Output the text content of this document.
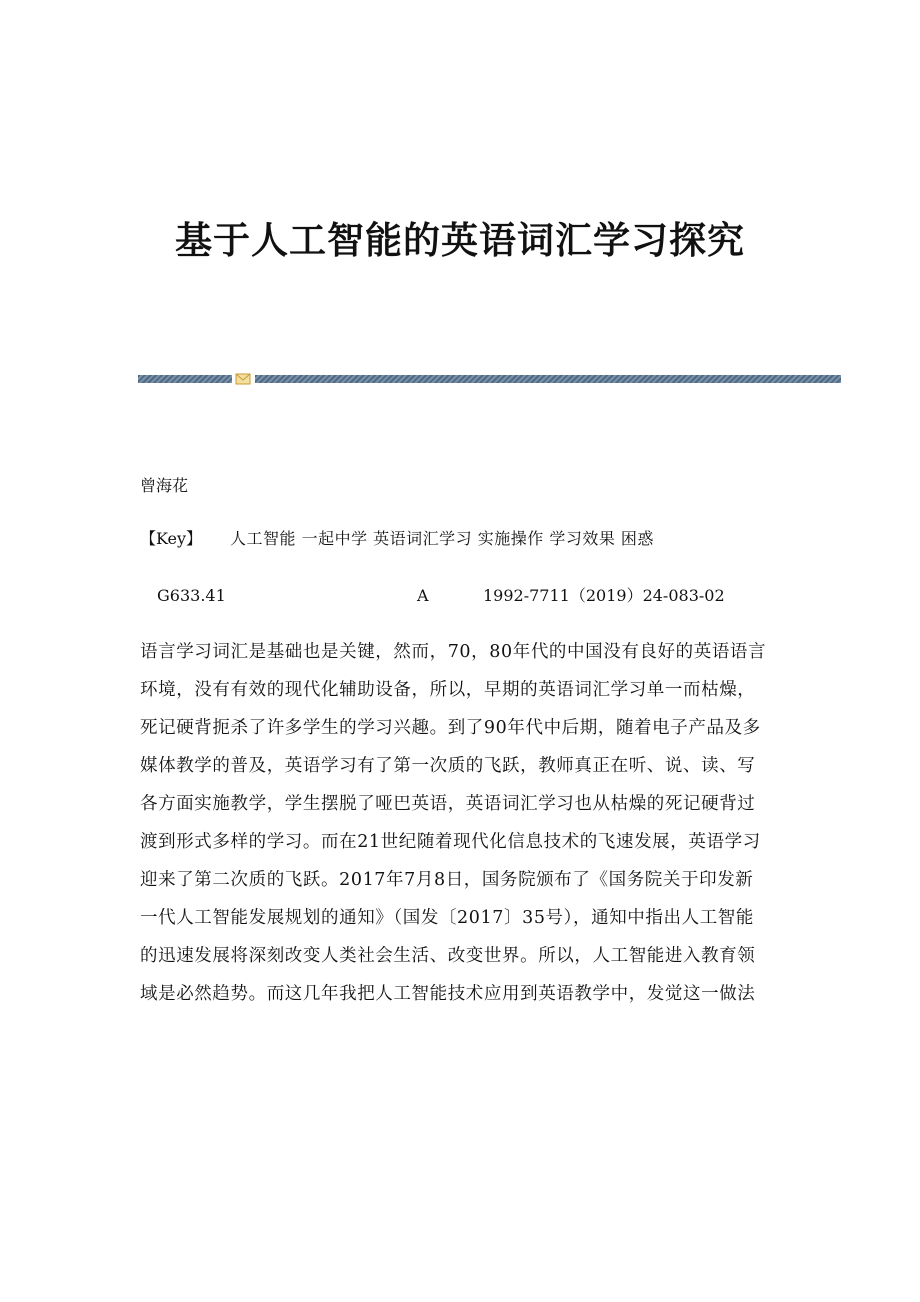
基于人工智能的英语词汇学习探究
曾海花
【Key】 人工智能 一起中学 英语词汇学习 实施操作 学习效果 困惑
G633.41	A	1992-7711（2019）24-083-02
语言学习词汇是基础也是关键，然而，70，80年代的中国没有良好的英语语言
环境，没有有效的现代化辅助设备，所以，早期的英语词汇学习单一而枯燥，
死记硬背扼杀了许多学生的学习兴趣。到了90年代中后期，随着电子产品及多
媒体教学的普及，英语学习有了第一次质的飞跃，教师真正在听、说、读、写
各方面实施教学，学生摆脱了哑巴英语，英语词汇学习也从枯燥的死记硬背过
渡到形式多样的学习。而在21世纪随着现代化信息技术的飞速发展，英语学习
迎来了第二次质的飞跃。2017年7月8日，国务院颁布了《国务院关于印发新
一代人工智能发展规划的通知》（国发〔2017〕35号），通知中指出人工智能
的迅速发展将深刻改变人类社会生活、改变世界。所以，人工智能进入教育领
域是必然趋势。而这几年我把人工智能技术应用到英语教学中，发觉这一做法
